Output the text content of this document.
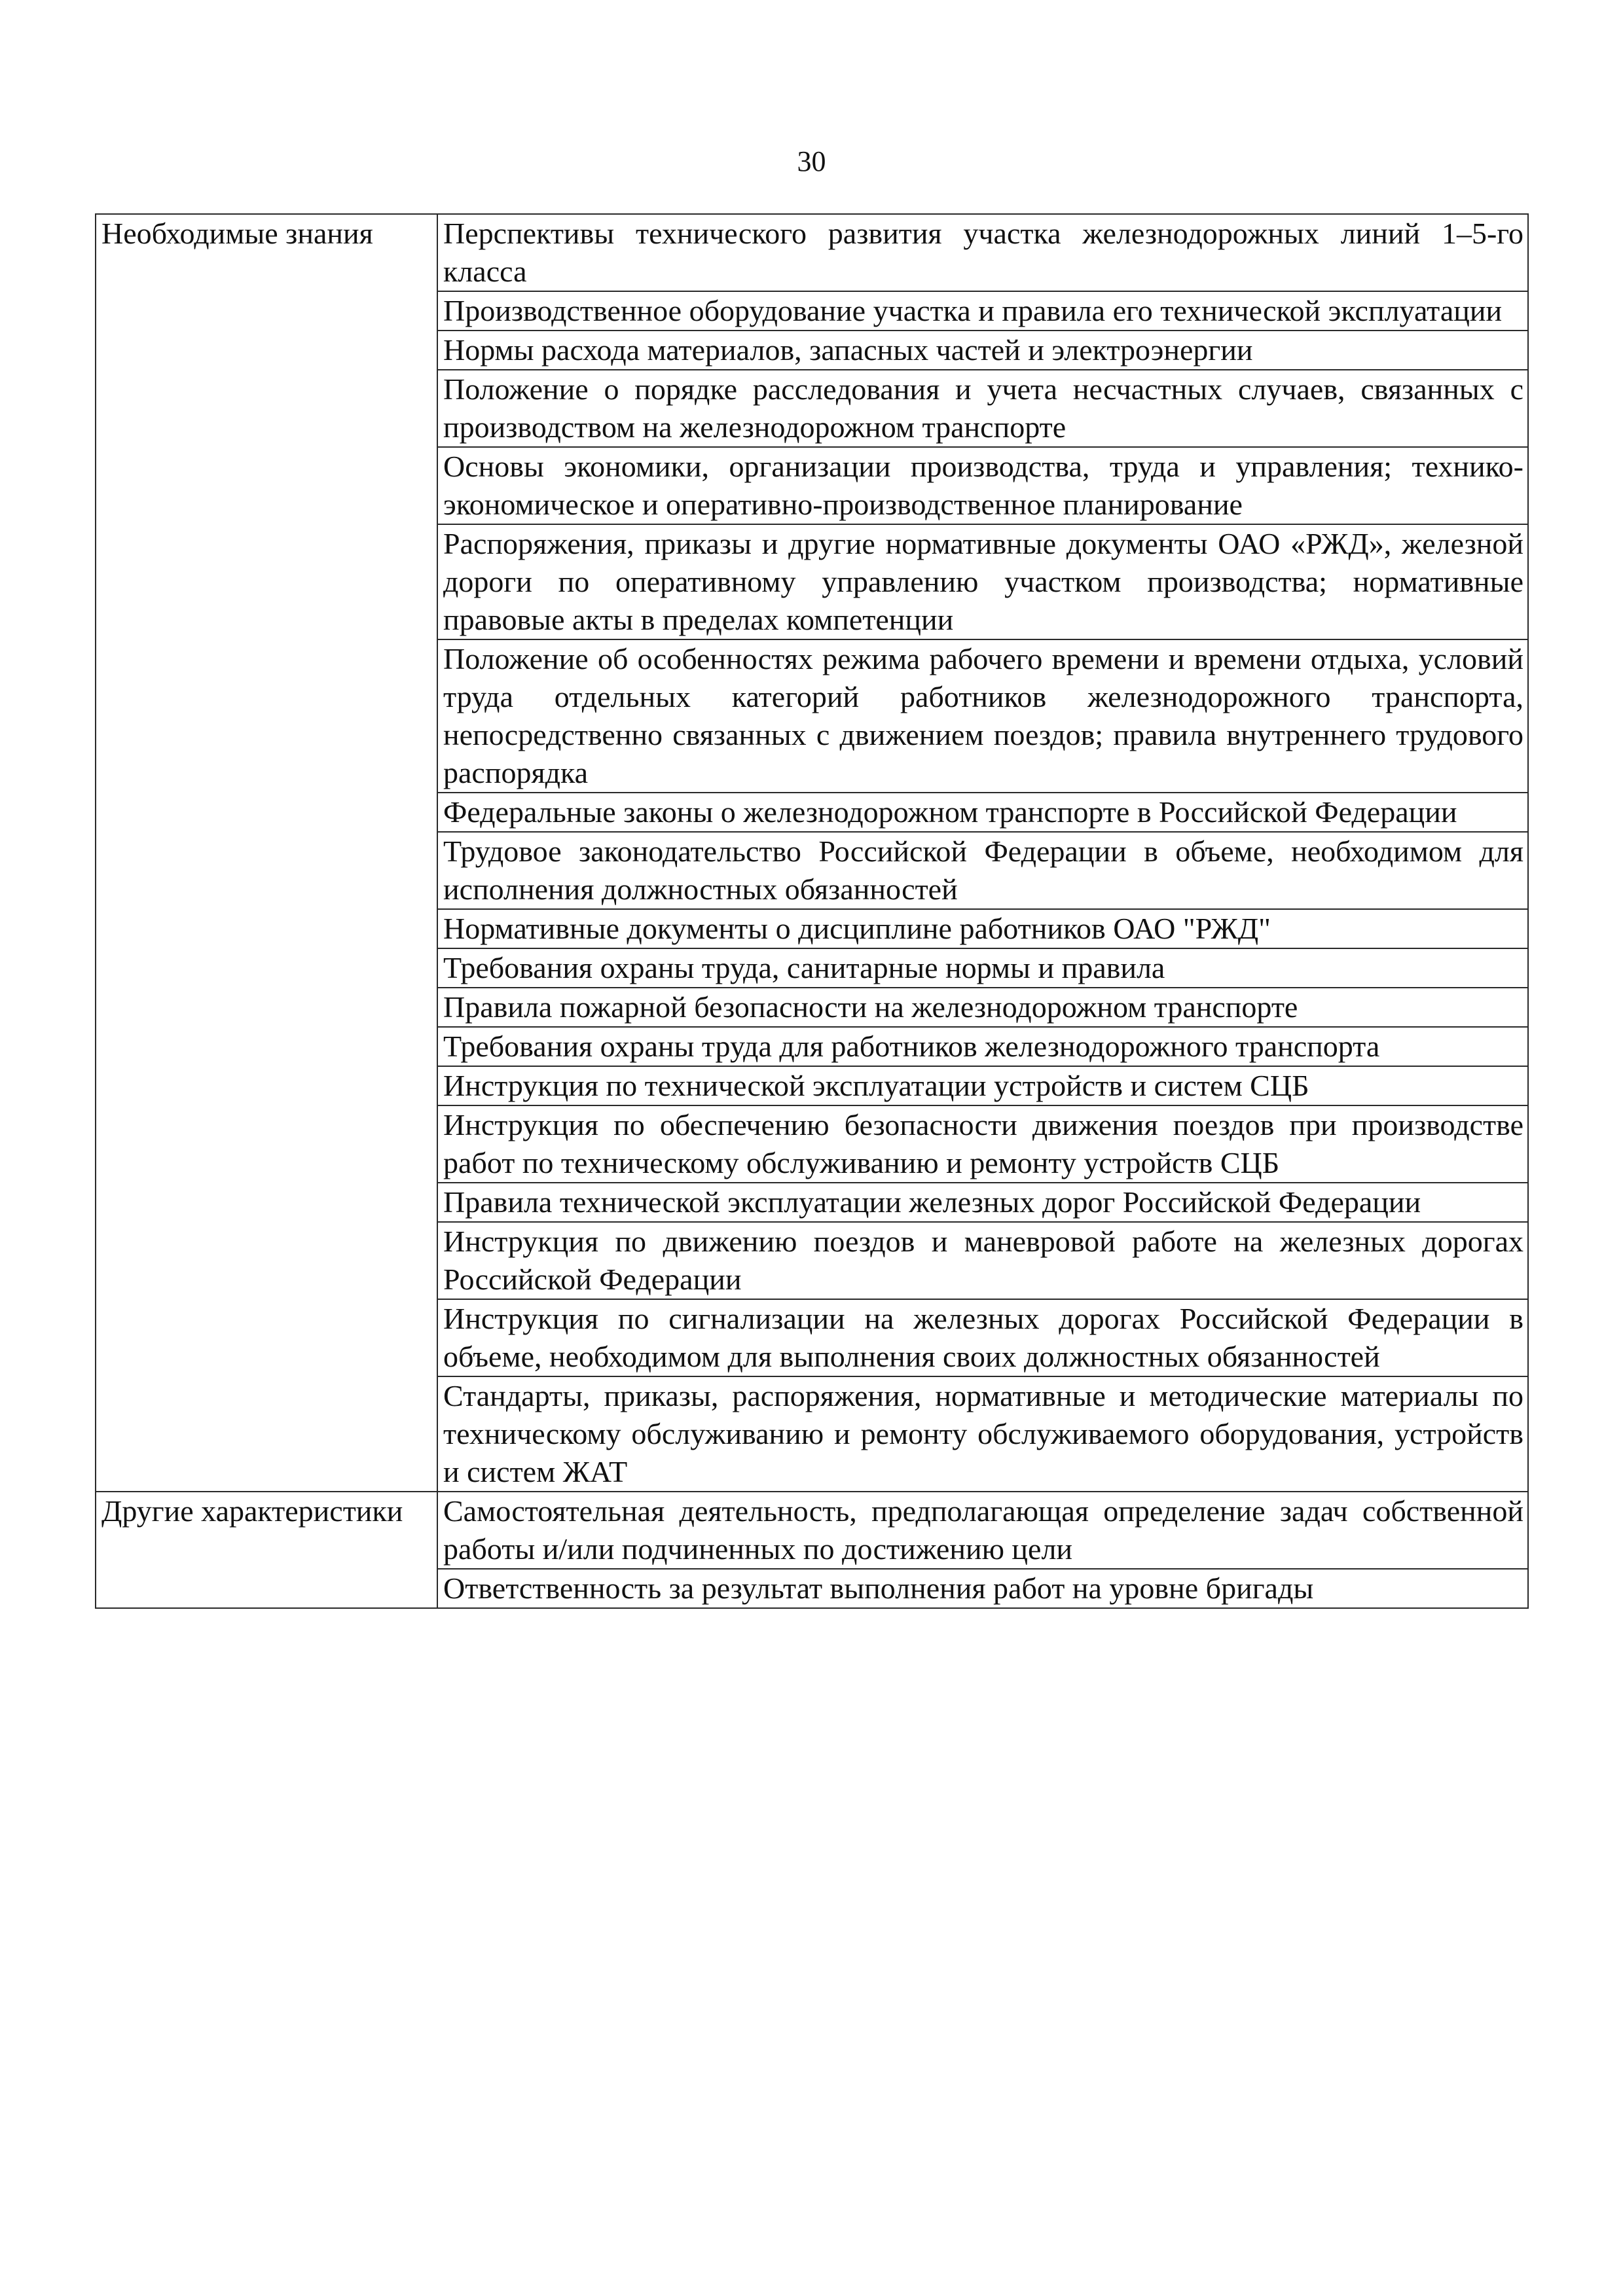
30
Необходимые знания	Перспективы технического развития участка железнодорожных линий 1–5-го класса
	Производственное оборудование участка и правила его технической эксплуатации
	Нормы расхода материалов, запасных частей и электроэнергии
	Положение о порядке расследования и учета несчастных случаев, связанных с производством на железнодорожном транспорте
	Основы экономики, организации производства, труда и управления; технико-экономическое и оперативно-производственное планирование
	Распоряжения, приказы и другие нормативные документы ОАО «РЖД», железной дороги по оперативному управлению участком производства; нормативные правовые акты в пределах компетенции
	Положение об особенностях режима рабочего времени и времени отдыха, условий труда отдельных категорий работников железнодорожного транспорта, непосредственно связанных с движением поездов; правила внутреннего трудового распорядка
	Федеральные законы о железнодорожном транспорте в Российской Федерации
	Трудовое законодательство Российской Федерации в объеме, необходимом для исполнения должностных обязанностей
	Нормативные документы о дисциплине работников ОАО "РЖД"
	Требования охраны труда, санитарные нормы и правила
	Правила пожарной безопасности на железнодорожном транспорте
	Требования охраны труда для работников железнодорожного транспорта
	Инструкция по технической эксплуатации устройств и систем СЦБ
	Инструкция по обеспечению безопасности движения поездов при производстве работ по техническому обслуживанию и ремонту устройств СЦБ
	Правила технической эксплуатации железных дорог Российской Федерации
	Инструкция по движению поездов и маневровой работе на железных дорогах Российской Федерации
	Инструкция по сигнализации на железных дорогах Российской Федерации в объеме, необходимом для выполнения своих должностных обязанностей
	Стандарты, приказы, распоряжения, нормативные и методические материалы по техническому обслуживанию и ремонту обслуживаемого оборудования, устройств и систем ЖАТ
Другие характеристики	Самостоятельная деятельность, предполагающая определение задач собственной работы и/или подчиненных по достижению цели
	Ответственность за результат выполнения работ на уровне бригады
